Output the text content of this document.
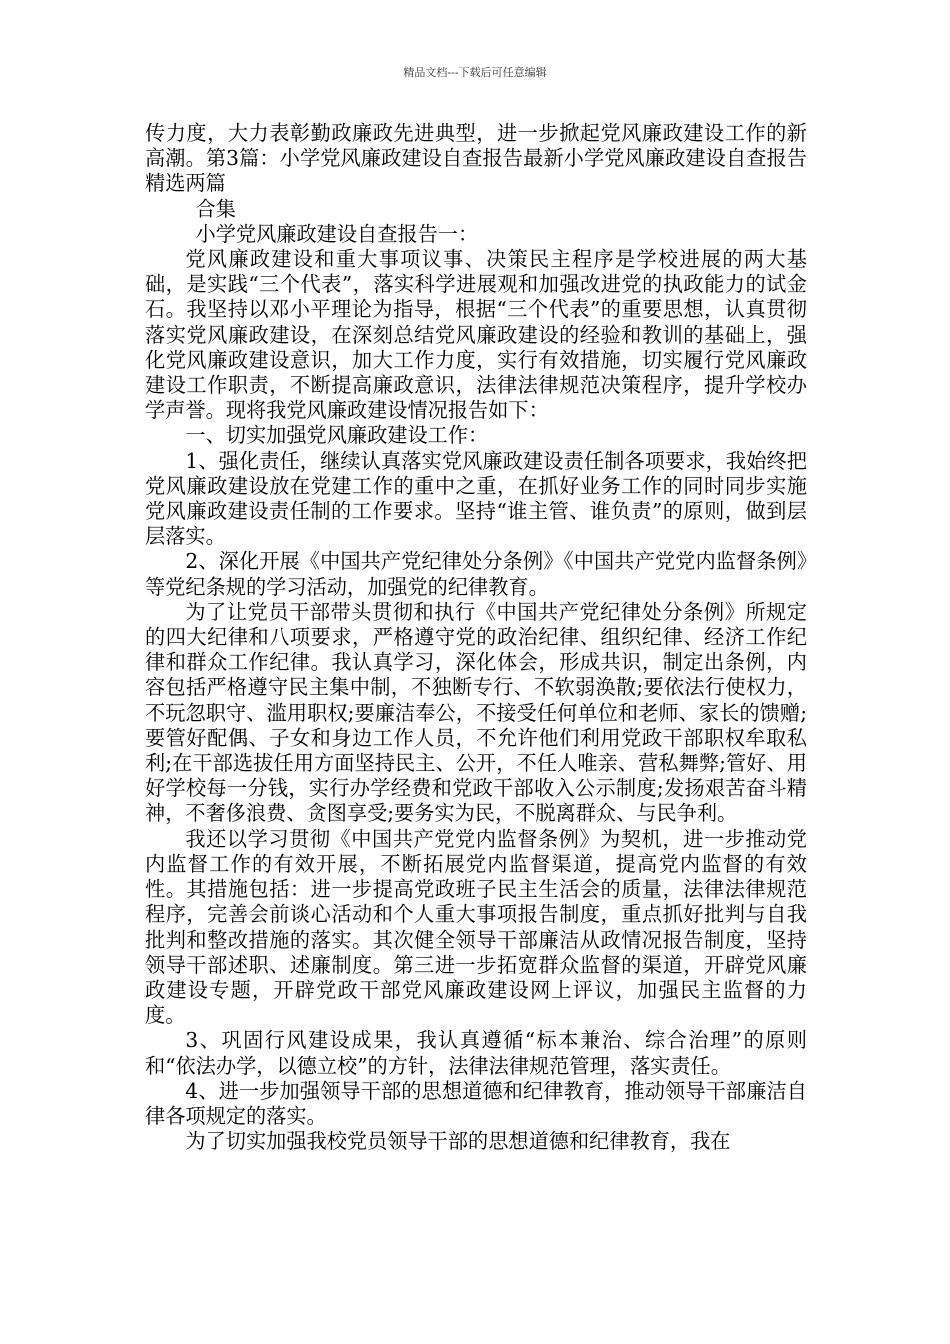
精品文档---下载后可任意编辑

传力度，大力表彰勤政廉政先进典型，进一步掀起党风廉政建设工作的新高潮。第3篇：小学党风廉政建设自查报告最新小学党风廉政建设自查报告精选两篇

合集

小学党风廉政建设自查报告一：

党风廉政建设和重大事项议事、决策民主程序是学校进展的两大基础，是实践“三个代表”，落实科学进展观和加强改进党的执政能力的试金石。我坚持以邓小平理论为指导，根据“三个代表”的重要思想，认真贯彻落实党风廉政建设，在深刻总结党风廉政建设的经验和教训的基础上，强化党风廉政建设意识，加大工作力度，实行有效措施，切实履行党风廉政建设工作职责，不断提高廉政意识，法律法律规范决策程序，提升学校办学声誉。现将我党风廉政建设情况报告如下：

一、切实加强党风廉政建设工作：

1、强化责任，继续认真落实党风廉政建设责任制各项要求，我始终把党风廉政建设放在党建工作的重中之重，在抓好业务工作的同时同步实施党风廉政建设责任制的工作要求。坚持“谁主管、谁负责”的原则，做到层层落实。

2、深化开展《中国共产党纪律处分条例》《中国共产党党内监督条例》等党纪条规的学习活动，加强党的纪律教育。

为了让党员干部带头贯彻和执行《中国共产党纪律处分条例》所规定的四大纪律和八项要求，严格遵守党的政治纪律、组织纪律、经济工作纪律和群众工作纪律。我认真学习，深化体会，形成共识，制定出条例，内容包括严格遵守民主集中制，不独断专行、不软弱涣散;要依法行使权力，不玩忽职守、滥用职权;要廉洁奉公，不接受任何单位和老师、家长的馈赠;要管好配偶、子女和身边工作人员，不允许他们利用党政干部职权牟取私利;在干部选拔任用方面坚持民主、公开，不任人唯亲、营私舞弊;管好、用好学校每一分钱，实行办学经费和党政干部收入公示制度;发扬艰苦奋斗精神，不奢侈浪费、贪图享受;要务实为民，不脱离群众、与民争利。

我还以学习贯彻《中国共产党党内监督条例》为契机，进一步推动党内监督工作的有效开展，不断拓展党内监督渠道，提高党内监督的有效性。其措施包括：进一步提高党政班子民主生活会的质量，法律法律规范程序，完善会前谈心活动和个人重大事项报告制度，重点抓好批判与自我批判和整改措施的落实。其次健全领导干部廉洁从政情况报告制度，坚持领导干部述职、述廉制度。第三进一步拓宽群众监督的渠道，开辟党风廉政建设专题，开辟党政干部党风廉政建设网上评议，加强民主监督的力度。

3、巩固行风建设成果，我认真遵循“标本兼治、综合治理”的原则和“依法办学，以德立校”的方针，法律法律规范管理，落实责任。

4、进一步加强领导干部的思想道德和纪律教育，推动领导干部廉洁自律各项规定的落实。

为了切实加强我校党员领导干部的思想道德和纪律教育，我在
